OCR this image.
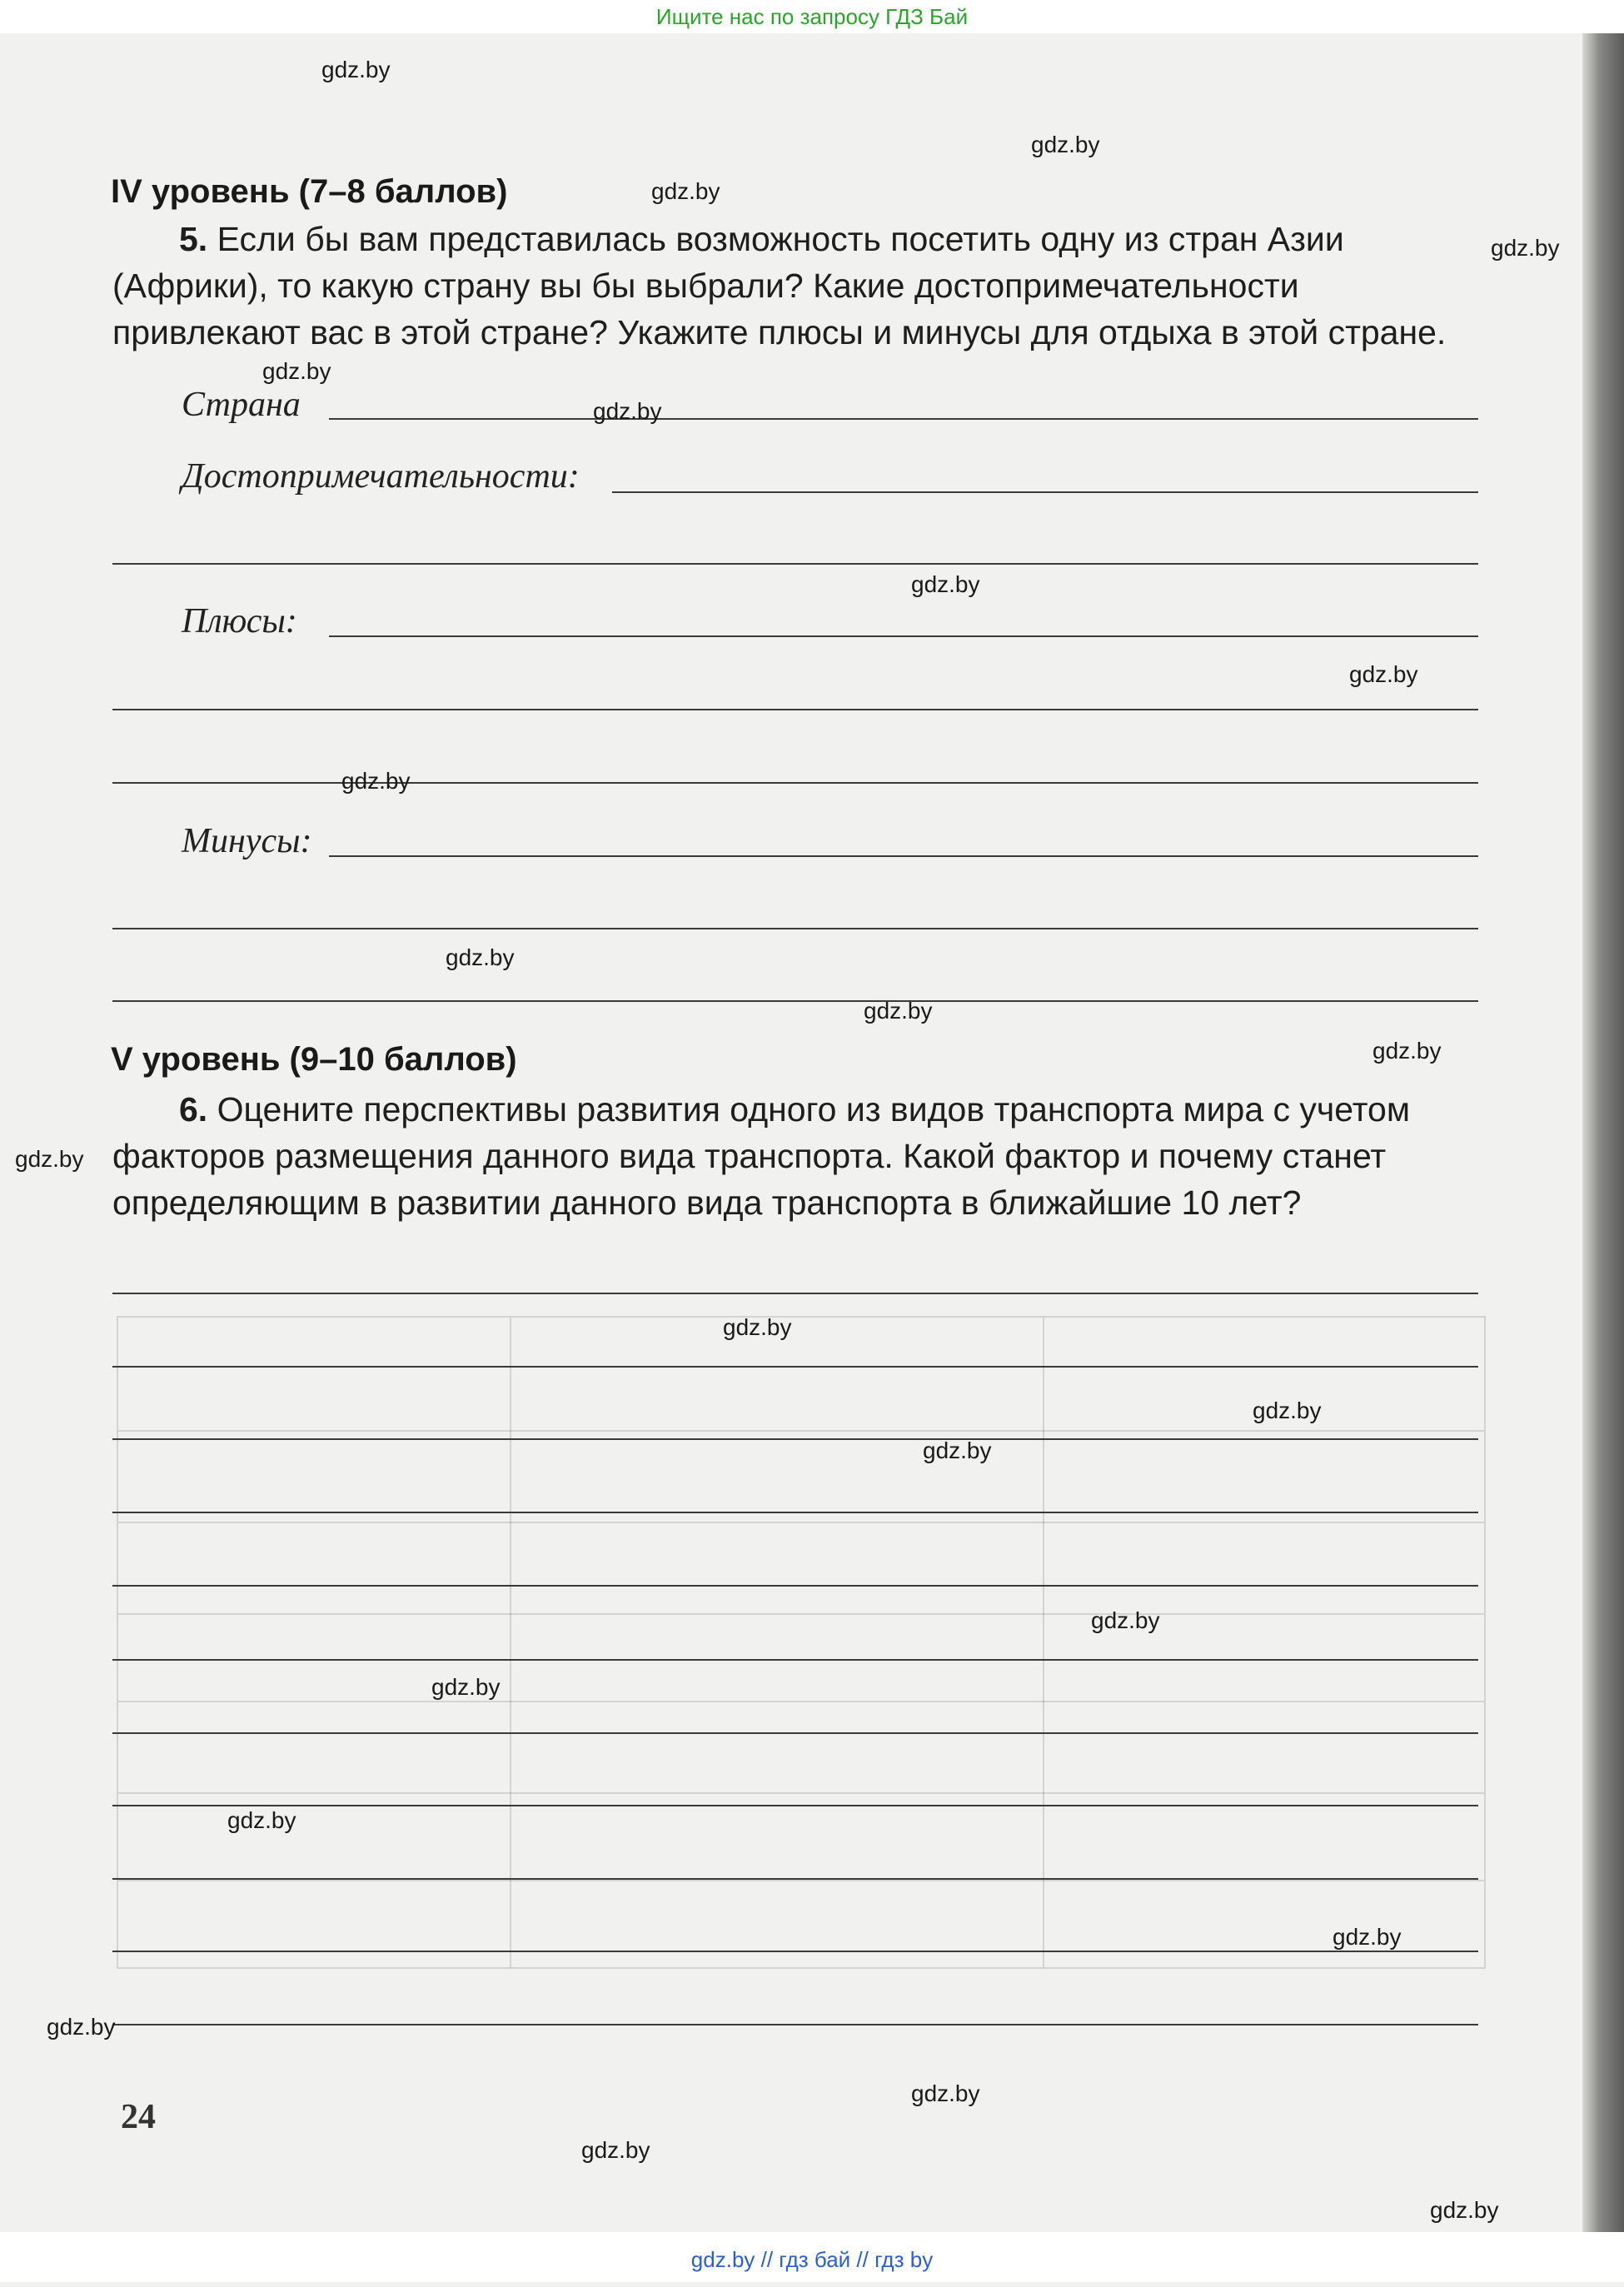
Ищите нас по запросу ГДЗ Бай
IV уровень (7–8 баллов)
5. Если бы вам представилась возможность посетить одну из стран Азии (Африки), то какую страну вы бы выбрали? Какие достопримечательности привлекают вас в этой стране? Укажите плюсы и минусы для отдыха в этой стране.
Страна
Достопримечательности:
Плюсы:
Минусы:
V уровень (9–10 баллов)
6. Оцените перспективы развития одного из видов транспорта мира с учетом факторов размещения данного вида транспорта. Какой фактор и почему станет определяющим в развитии данного вида транспорта в ближайшие 10 лет?
24
gdz.by
gdz.by
gdz.by
gdz.by
gdz.by
gdz.by
gdz.by
gdz.by
gdz.by
gdz.by
gdz.by
gdz.by
gdz.by
gdz.by
gdz.by
gdz.by
gdz.by
gdz.by
gdz.by
gdz.by
gdz.by
gdz.by
gdz.by
gdz.by
gdz.by // гдз бай // гдз by
